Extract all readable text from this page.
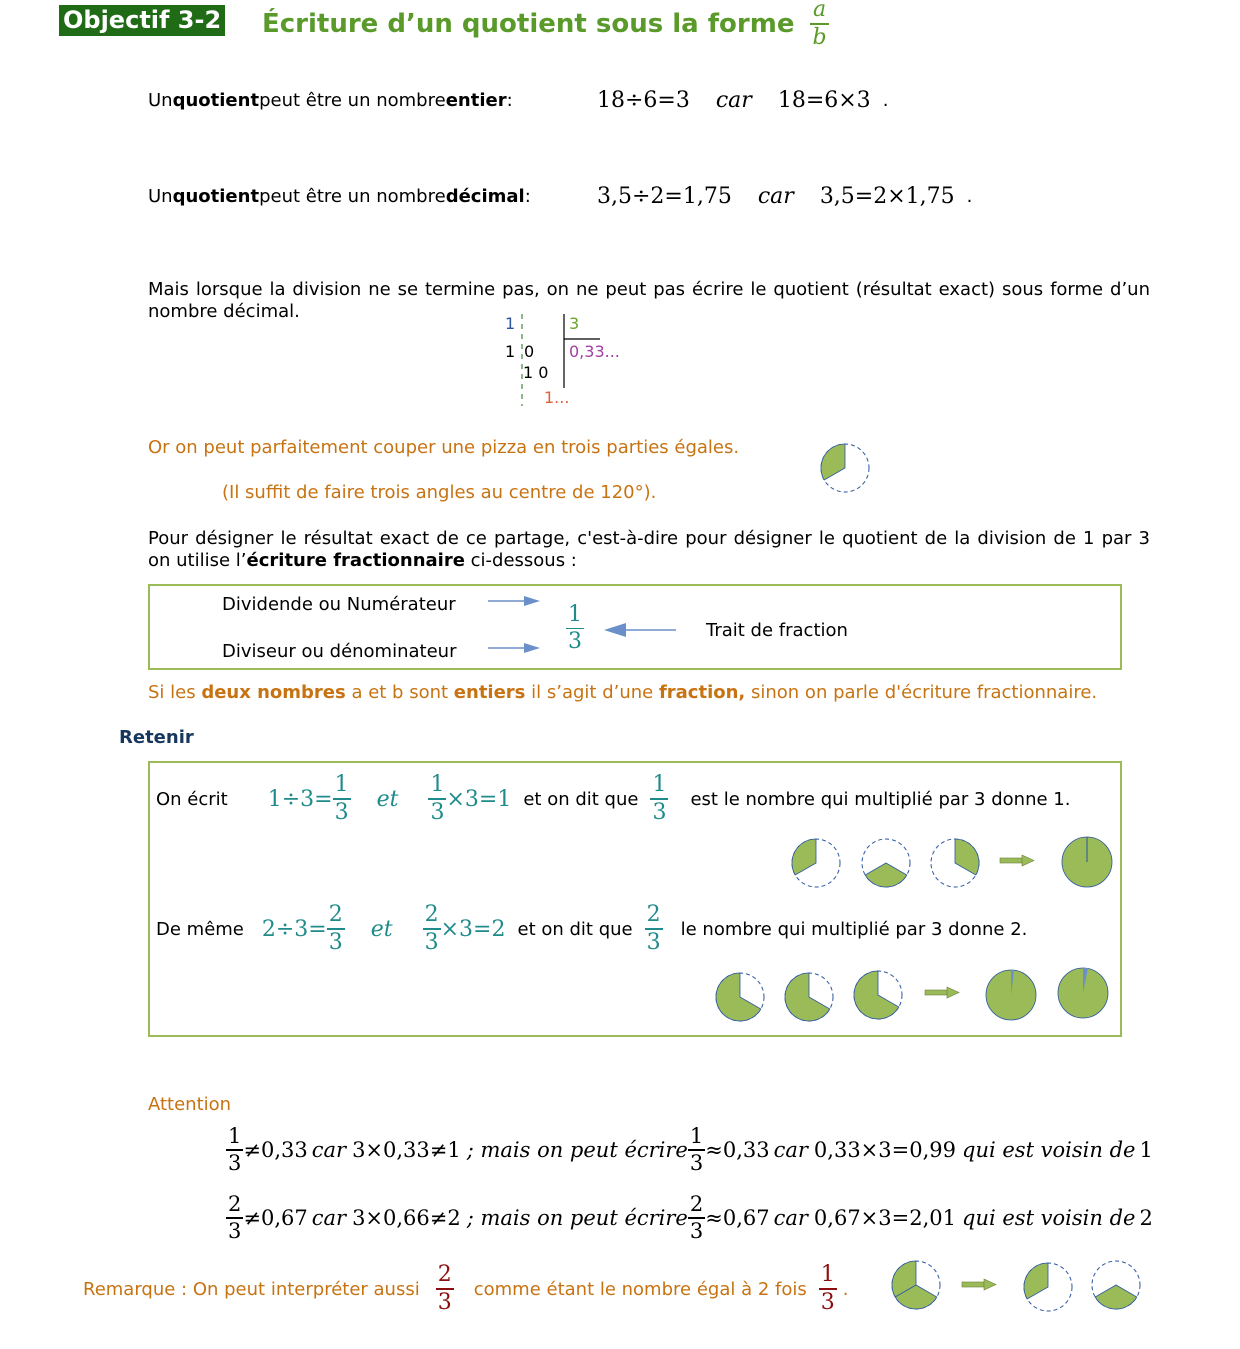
Objectif 3-2 Écriture d’un quotient sous la forme $\frac{a}{b}$
Un quotient peut être un nombre entier :	18÷6=3 car 18=6×3 .
Un quotient peut être un nombre décimal :	3,5÷2=1,75 car 3,5=2×1,75 .
Mais lorsque la division ne se termine pas, on ne peut pas écrire le quotient (résultat exact) sous forme d’un nombre décimal.
1	3
1 0 0,33...
1 0
1...
Or on peut parfaitement couper une pizza en trois parties égales.
(Il suffit de faire trois angles au centre de 120°).
Pour désigner le résultat exact de ce partage, c'est-à-dire pour désigner le quotient de la division de 1 par 3 on utilise l’écriture fractionnaire ci-dessous :
Dividende ou Numérateur
Diviseur ou dénominateur	$\frac{1}{3}$	Trait de fraction
Si les deux nombres a et b sont entiers il s’agit d’une fraction, sinon on parle d'écriture fractionnaire.
Retenir
On écrit $1\div 3= \frac{1}{3}$ et $\frac{1}{3} \times 3=1$ et on dit que $\frac{1}{3}$ est le nombre qui multiplié par 3 donne 1.
De même $2\div 3= \frac{2}{3}$ et $\frac{2}{3} \times 3=2$ et on dit que $\frac{2}{3}$ le nombre qui multiplié par 3 donne 2.
Attention
$\frac{1}{3} \ne 0,33$ car 3×0,33≠1 ; mais on peut écrire $\frac{1}{3} \approx 0,33$ car 0,33×3=0,99 qui est voisin de 1
$\frac{2}{3} \ne 0,67$ car 3×0,66≠2 ; mais on peut écrire $\frac{2}{3} \approx 0,67$ car 0,67×3=2,01 qui est voisin de 2
Remarque : On peut interpréter aussi $\frac{2}{3}$ comme étant le nombre égal à 2 fois $\frac{1}{3}$ .
